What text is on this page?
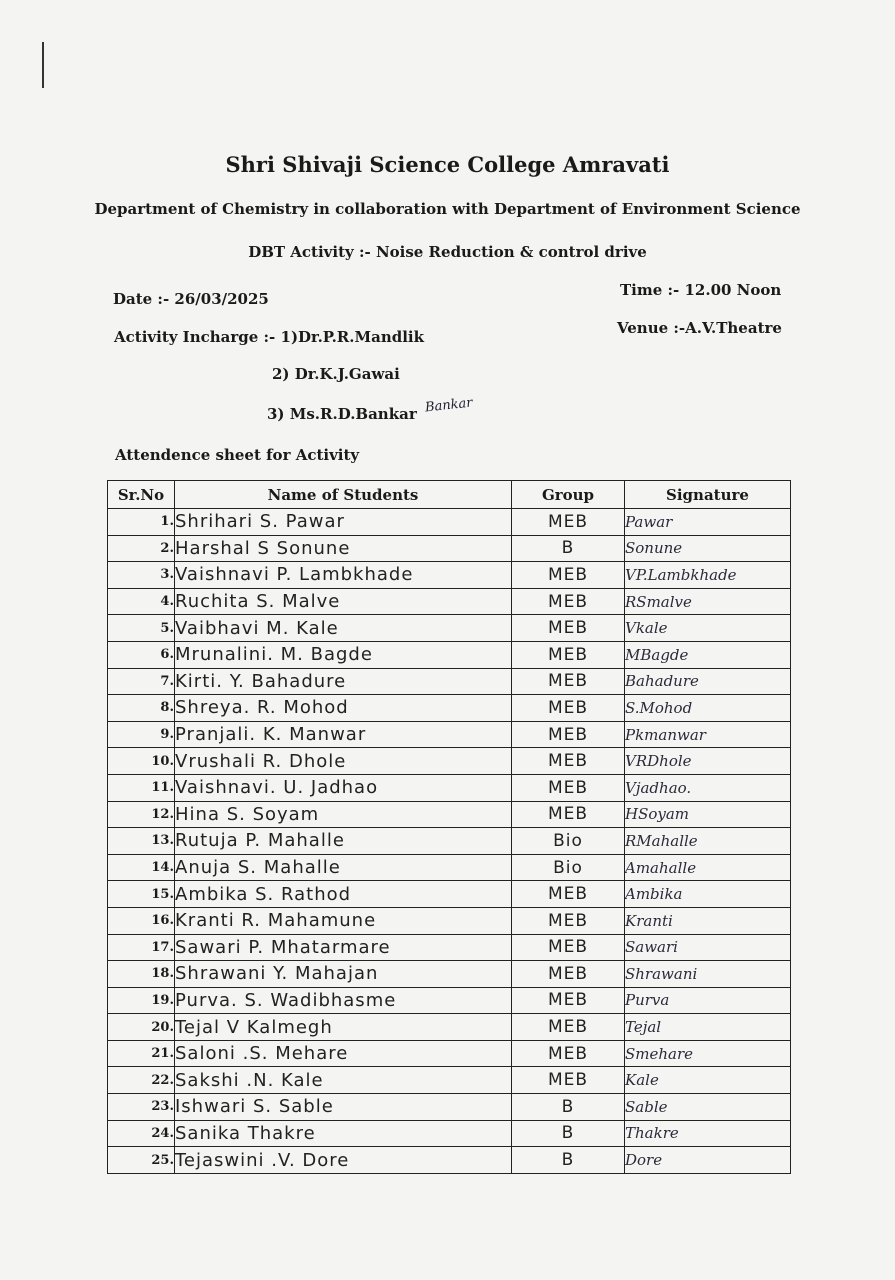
Shri Shivaji Science College Amravati
Department of Chemistry in collaboration with Department of Environment Science
DBT Activity :- Noise Reduction & control drive
Date :- 26/03/2025	Time :- 12.00 Noon
Activity Incharge :- 1)Dr.P.R.Mandlik	Venue :-A.V.Theatre
2) Dr.K.J.Gawai
3) Ms.R.D.Bankar Bankar
Attendence sheet for Activity
Sr.No	Name of Students	Group	Signature
1.	Shrihari S. Pawar	MEB	Pawar
2.	Harshal S Sonune	B	Sonune
3.	Vaishnavi P. Lambkhade	MEB	VP.Lambkhade
4.	Ruchita S. Malve	MEB	RSmalve
5.	Vaibhavi M. Kale	MEB	Vkale
6.	Mrunalini. M. Bagde	MEB	MBagde
7.	Kirti. Y. Bahadure	MEB	Bahadure
8.	Shreya. R. Mohod	MEB	S.Mohod
9.	Pranjali. K. Manwar	MEB	Pkmanwar
10.	Vrushali R. Dhole	MEB	VRDhole
11.	Vaishnavi. U. Jadhao	MEB	Vjadhao.
12.	Hina S. Soyam	MEB	HSoyam
13.	Rutuja P. Mahalle	Bio	RMahalle
14.	Anuja S. Mahalle	Bio	Amahalle
15.	Ambika S. Rathod	MEB	Ambika
16.	Kranti R. Mahamune	MEB	Kranti
17.	Sawari P. Mhatarmare	MEB	Sawari
18.	Shrawani Y. Mahajan	MEB	Shrawani
19.	Purva. S. Wadibhasme	MEB	Purva
20.	Tejal V Kalmegh	MEB	Tejal
21.	Saloni .S. Mehare	MEB	Smehare
22.	Sakshi .N. Kale	MEB	Kale
23.	Ishwari S. Sable	B	Sable
24.	Sanika Thakre	B	Thakre
25.	Tejaswini .V. Dore	B	Dore
